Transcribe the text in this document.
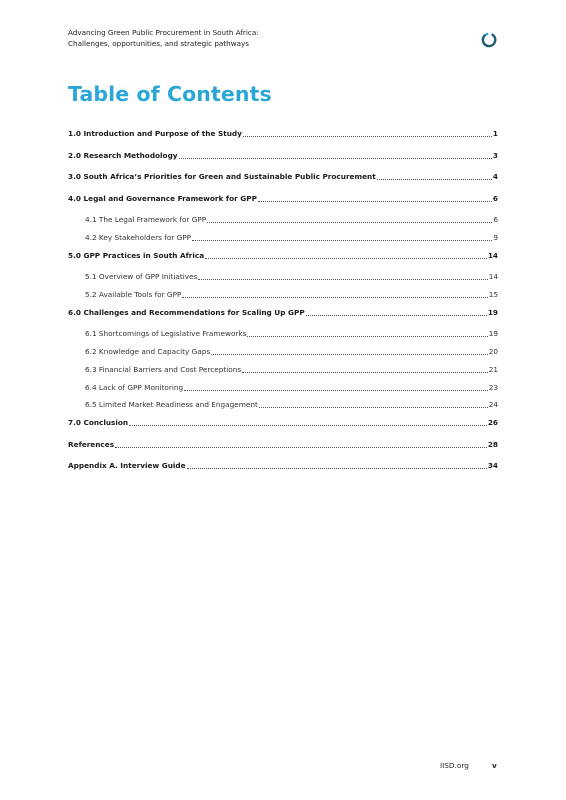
Advancing Green Public Procurement in South Africa:
Challenges, opportunities, and strategic pathways
Table of Contents
1.0 Introduction and Purpose of the Study	1
2.0 Research Methodology	3
3.0 South Africa’s Priorities for Green and Sustainable Public Procurement	4
4.0 Legal and Governance Framework for GPP	6
4.1 The Legal Framework for GPP	6
4.2 Key Stakeholders for GPP	9
5.0 GPP Practices in South Africa	14
5.1 Overview of GPP Initiatives	14
5.2 Available Tools for GPP	15
6.0 Challenges and Recommendations for Scaling Up GPP	19
6.1 Shortcomings of Legislative Frameworks	19
6.2 Knowledge and Capacity Gaps	20
6.3 Financial Barriers and Cost Perceptions	21
6.4 Lack of GPP Monitoring	23
6.5 Limited Market Readiness and Engagement	24
7.0 Conclusion	26
References	28
Appendix A. Interview Guide	34
IISD.org	v
